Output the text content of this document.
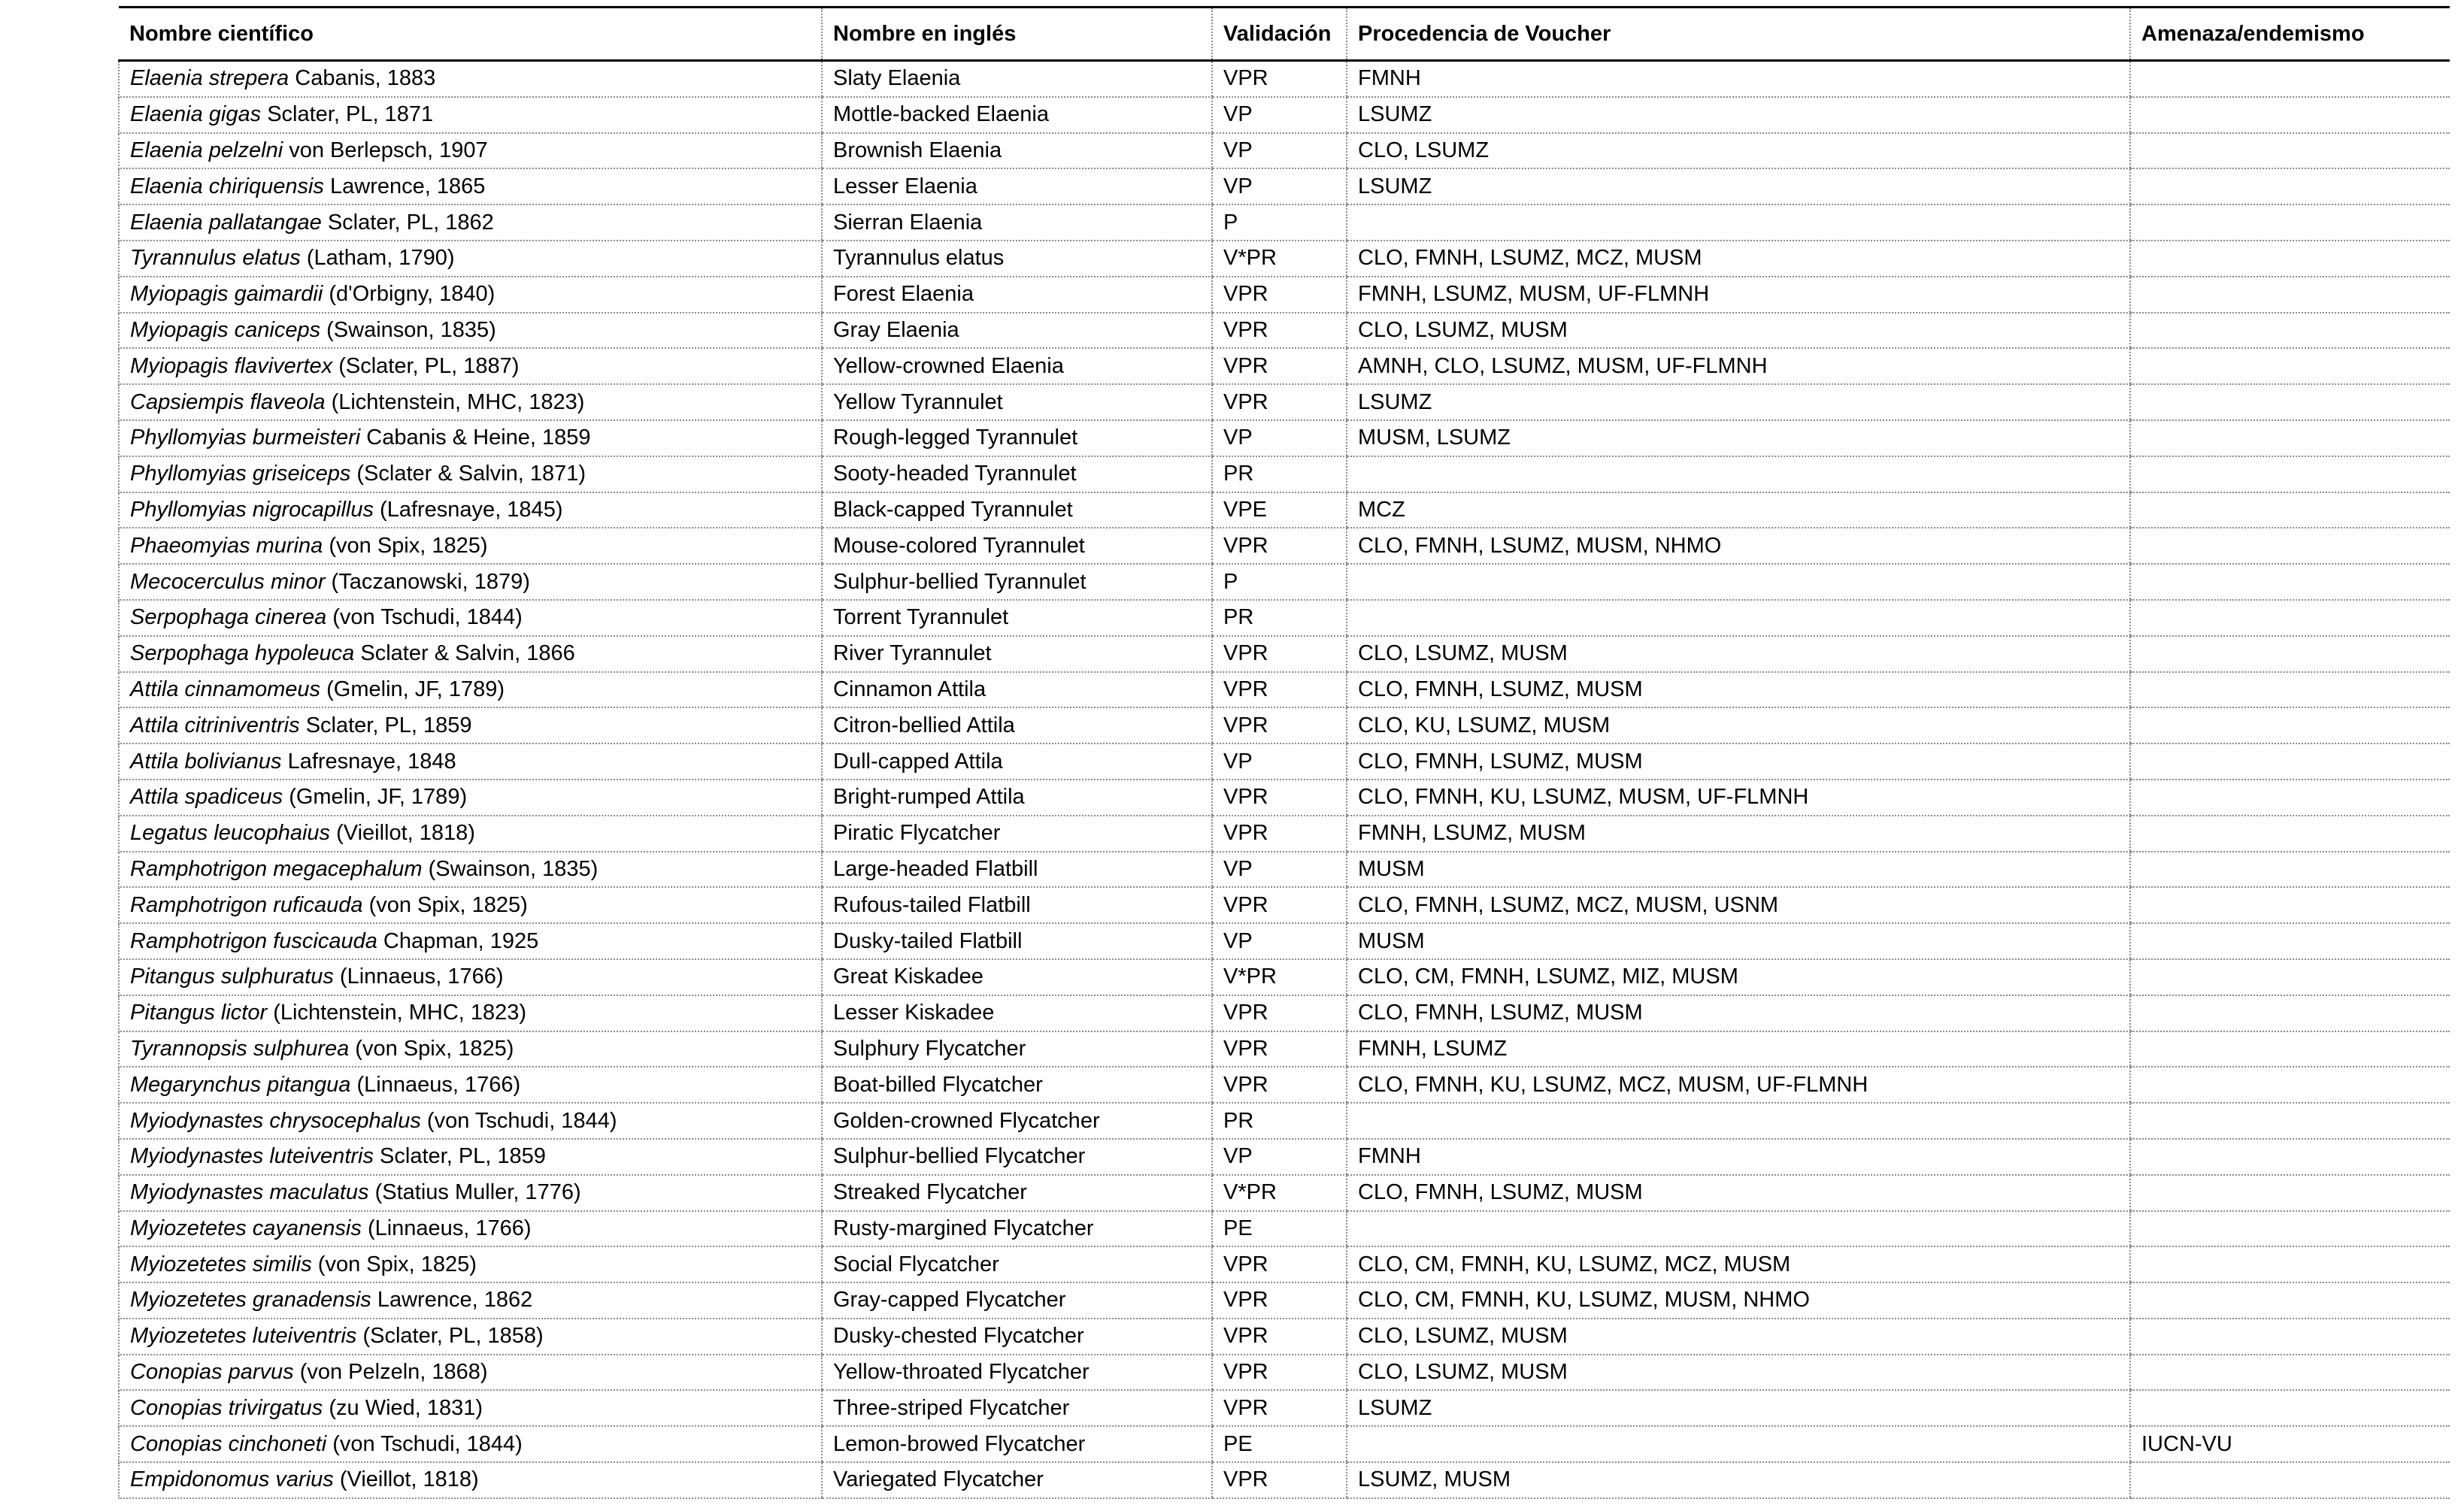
Nombre científico	Nombre en inglés	Validación	Procedencia de Voucher	Amenaza/endemismo
Elaenia strepera Cabanis, 1883	Slaty Elaenia	VPR	FMNH	
Elaenia gigas Sclater, PL, 1871	Mottle-backed Elaenia	VP	LSUMZ	
Elaenia pelzelni von Berlepsch, 1907	Brownish Elaenia	VP	CLO, LSUMZ	
Elaenia chiriquensis Lawrence, 1865	Lesser Elaenia	VP	LSUMZ	
Elaenia pallatangae Sclater, PL, 1862	Sierran Elaenia	P		
Tyrannulus elatus (Latham, 1790)	Tyrannulus elatus	V*PR	CLO, FMNH, LSUMZ, MCZ, MUSM	
Myiopagis gaimardii (d'Orbigny, 1840)	Forest Elaenia	VPR	FMNH, LSUMZ, MUSM, UF-FLMNH	
Myiopagis caniceps (Swainson, 1835)	Gray Elaenia	VPR	CLO, LSUMZ, MUSM	
Myiopagis flavivertex (Sclater, PL, 1887)	Yellow-crowned Elaenia	VPR	AMNH, CLO, LSUMZ, MUSM, UF-FLMNH	
Capsiempis flaveola (Lichtenstein, MHC, 1823)	Yellow Tyrannulet	VPR	LSUMZ	
Phyllomyias burmeisteri Cabanis & Heine, 1859	Rough-legged Tyrannulet	VP	MUSM, LSUMZ	
Phyllomyias griseiceps (Sclater & Salvin, 1871)	Sooty-headed Tyrannulet	PR		
Phyllomyias nigrocapillus (Lafresnaye, 1845)	Black-capped Tyrannulet	VPE	MCZ	
Phaeomyias murina (von Spix, 1825)	Mouse-colored Tyrannulet	VPR	CLO, FMNH, LSUMZ, MUSM, NHMO	
Mecocerculus minor (Taczanowski, 1879)	Sulphur-bellied Tyrannulet	P		
Serpophaga cinerea (von Tschudi, 1844)	Torrent Tyrannulet	PR		
Serpophaga hypoleuca Sclater & Salvin, 1866	River Tyrannulet	VPR	CLO, LSUMZ, MUSM	
Attila cinnamomeus (Gmelin, JF, 1789)	Cinnamon Attila	VPR	CLO, FMNH, LSUMZ, MUSM	
Attila citriniventris Sclater, PL, 1859	Citron-bellied Attila	VPR	CLO, KU, LSUMZ, MUSM	
Attila bolivianus Lafresnaye, 1848	Dull-capped Attila	VP	CLO, FMNH, LSUMZ, MUSM	
Attila spadiceus (Gmelin, JF, 1789)	Bright-rumped Attila	VPR	CLO, FMNH, KU, LSUMZ, MUSM, UF-FLMNH	
Legatus leucophaius (Vieillot, 1818)	Piratic Flycatcher	VPR	FMNH, LSUMZ, MUSM	
Ramphotrigon megacephalum (Swainson, 1835)	Large-headed Flatbill	VP	MUSM	
Ramphotrigon ruficauda (von Spix, 1825)	Rufous-tailed Flatbill	VPR	CLO, FMNH, LSUMZ, MCZ, MUSM, USNM	
Ramphotrigon fuscicauda Chapman, 1925	Dusky-tailed Flatbill	VP	MUSM	
Pitangus sulphuratus (Linnaeus, 1766)	Great Kiskadee	V*PR	CLO, CM, FMNH, LSUMZ, MIZ, MUSM	
Pitangus lictor (Lichtenstein, MHC, 1823)	Lesser Kiskadee	VPR	CLO, FMNH, LSUMZ, MUSM	
Tyrannopsis sulphurea (von Spix, 1825)	Sulphury Flycatcher	VPR	FMNH, LSUMZ	
Megarynchus pitangua (Linnaeus, 1766)	Boat-billed Flycatcher	VPR	CLO, FMNH, KU, LSUMZ, MCZ, MUSM, UF-FLMNH	
Myiodynastes chrysocephalus (von Tschudi, 1844)	Golden-crowned Flycatcher	PR		
Myiodynastes luteiventris Sclater, PL, 1859	Sulphur-bellied Flycatcher	VP	FMNH	
Myiodynastes maculatus (Statius Muller, 1776)	Streaked Flycatcher	V*PR	CLO, FMNH, LSUMZ, MUSM	
Myiozetetes cayanensis (Linnaeus, 1766)	Rusty-margined Flycatcher	PE		
Myiozetetes similis (von Spix, 1825)	Social Flycatcher	VPR	CLO, CM, FMNH, KU, LSUMZ, MCZ, MUSM	
Myiozetetes granadensis Lawrence, 1862	Gray-capped Flycatcher	VPR	CLO, CM, FMNH, KU, LSUMZ, MUSM, NHMO	
Myiozetetes luteiventris (Sclater, PL, 1858)	Dusky-chested Flycatcher	VPR	CLO, LSUMZ, MUSM	
Conopias parvus (von Pelzeln, 1868)	Yellow-throated Flycatcher	VPR	CLO, LSUMZ, MUSM	
Conopias trivirgatus (zu Wied, 1831)	Three-striped Flycatcher	VPR	LSUMZ	
Conopias cinchoneti (von Tschudi, 1844)	Lemon-browed Flycatcher	PE		IUCN-VU
Empidonomus varius (Vieillot, 1818)	Variegated Flycatcher	VPR	LSUMZ, MUSM	
